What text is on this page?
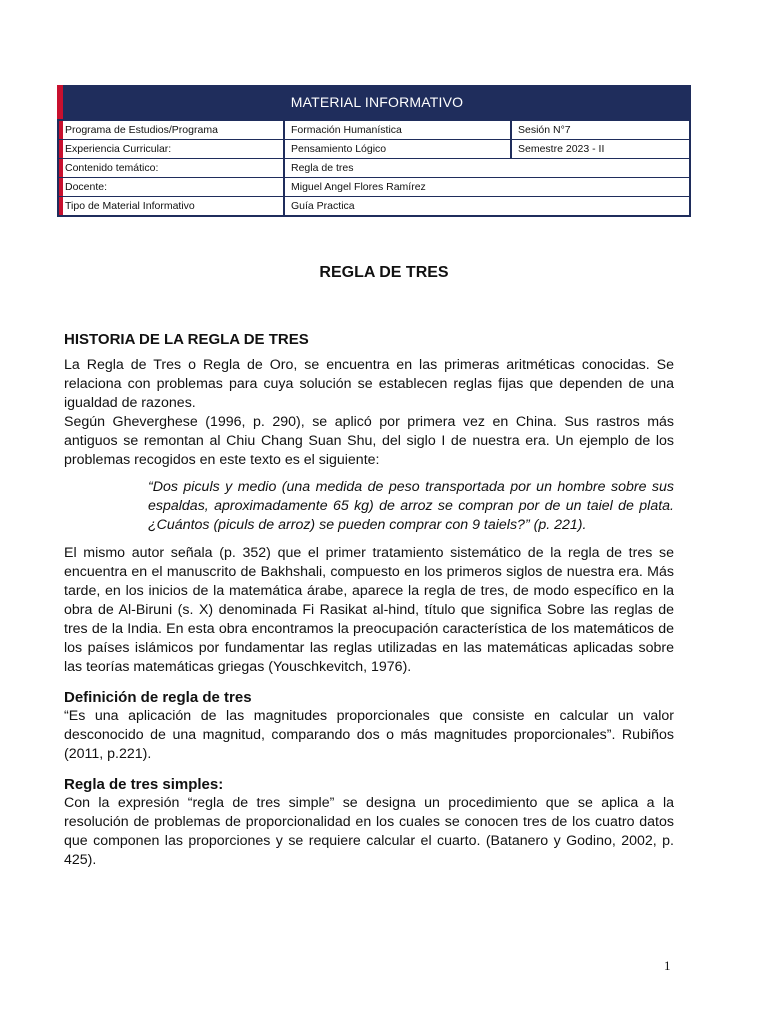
MATERIAL INFORMATIVO
Programa de Estudios/Programa	Formación Humanística	Sesión N°7
Experiencia Curricular:	Pensamiento Lógico	Semestre 2023 - II
Contenido temático:	Regla de tres
Docente:	Miguel Angel Flores Ramírez
Tipo de Material Informativo	Guía Practica
REGLA DE TRES
HISTORIA DE LA REGLA DE TRES

La Regla de Tres o Regla de Oro, se encuentra en las primeras aritméticas conocidas. Se relaciona con problemas para cuya solución se establecen reglas fijas que dependen de una igualdad de razones.

Según Gheverghese (1996, p. 290), se aplicó por primera vez en China. Sus rastros más antiguos se remontan al Chiu Chang Suan Shu, del siglo I de nuestra era. Un ejemplo de los problemas recogidos en este texto es el siguiente:

“Dos piculs y medio (una medida de peso transportada por un hombre sobre sus espaldas, aproximadamente 65 kg) de arroz se compran por de un taiel de plata. ¿Cuántos (piculs de arroz) se pueden comprar con 9 taiels?” (p. 221).

El mismo autor señala (p. 352) que el primer tratamiento sistemático de la regla de tres se encuentra en el manuscrito de Bakhshali, compuesto en los primeros siglos de nuestra era. Más tarde, en los inicios de la matemática árabe, aparece la regla de tres, de modo específico en la obra de Al-Biruni (s. X) denominada Fi Rasikat al-hind, título que significa Sobre las reglas de tres de la India. En esta obra encontramos la preocupación característica de los matemáticos de los países islámicos por fundamentar las reglas utilizadas en las matemáticas aplicadas sobre las teorías matemáticas griegas (Youschkevitch, 1976).

Definición de regla de tres

“Es una aplicación de las magnitudes proporcionales que consiste en calcular un valor desconocido de una magnitud, comparando dos o más magnitudes proporcionales”. Rubiños (2011, p.221).

Regla de tres simples:

Con la expresión “regla de tres simple” se designa un procedimiento que se aplica a la resolución de problemas de proporcionalidad en los cuales se conocen tres de los cuatro datos que componen las proporciones y se requiere calcular el cuarto. (Batanero y Godino, 2002, p. 425).

1
